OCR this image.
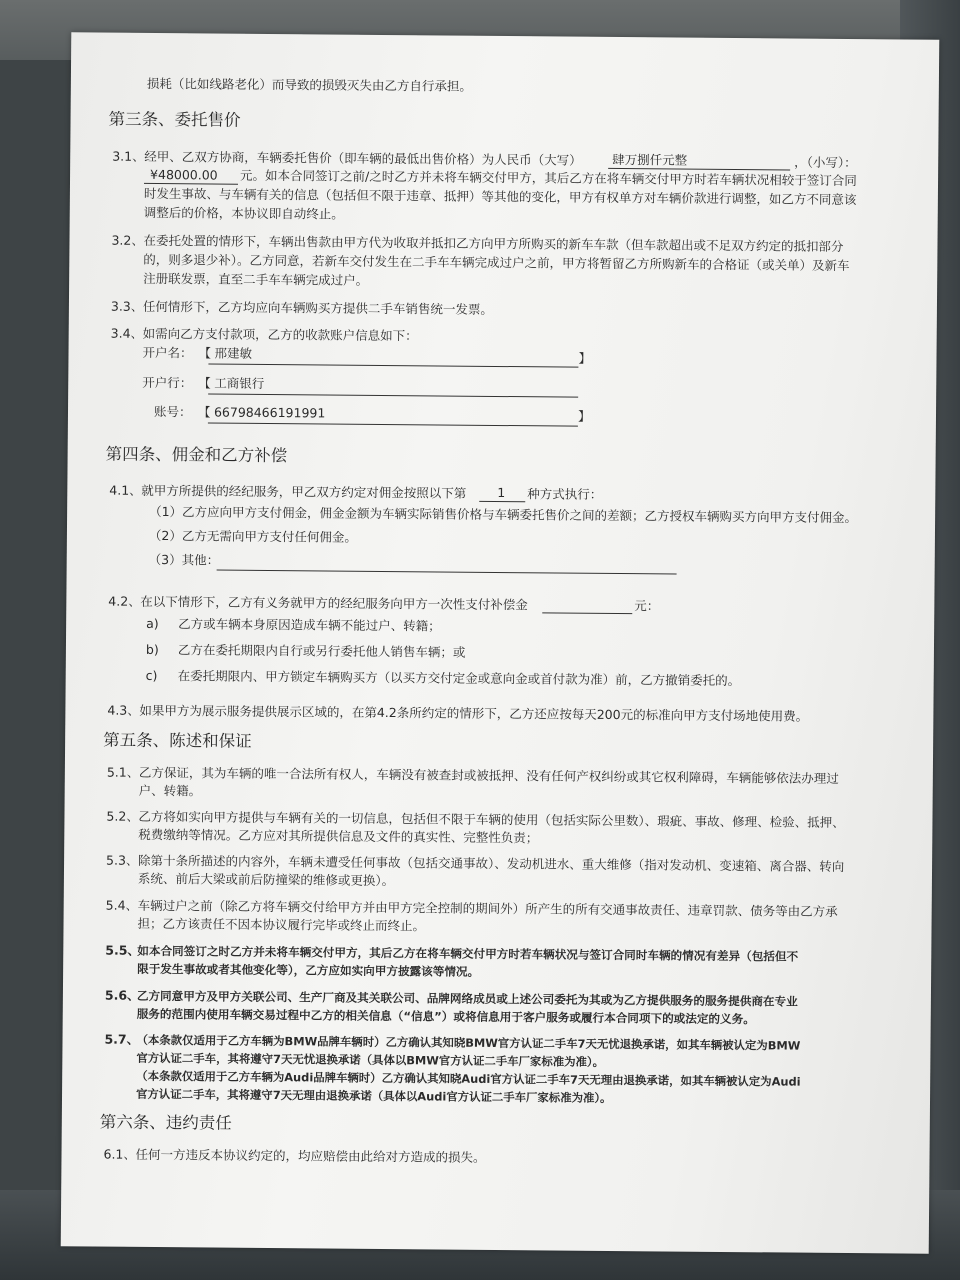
损耗（比如线路老化）而导致的损毁灭失由乙方自行承担。
第三条、委托售价
3.1、 经甲、乙双方协商，车辆委托售价（即车辆的最低出售价格）为人民币（大写） 肆万捌仟元整	，（小写）：
¥48000.00 元。如本合同签订之前/之时乙方并未将车辆交付甲方，其后乙方在将车辆交付甲方时若车辆状况相较于签订合同
时发生事故、与车辆有关的信息（包括但不限于违章、抵押）等其他的变化，甲方有权单方对车辆价款进行调整，如乙方不同意该
调整后的价格，本协议即自动终止。
3.2、 在委托处置的情形下，车辆出售款由甲方代为收取并抵扣乙方向甲方所购买的新车车款（但车款超出或不足双方约定的抵扣部分
的，则多退少补）。乙方同意，若新车交付发生在二手车车辆完成过户之前，甲方将暂留乙方所购新车的合格证（或关单）及新车
注册联发票，直至二手车车辆完成过户。
3.3、 任何情形下，乙方均应向车辆购买方提供二手车销售统一发票。
3.4、 如需向乙方支付款项，乙方的收款账户信息如下：
开户名： 【 邢建敏	】
开户行： 【 工商银行
账号： 【 66798466191991	】
第四条、佣金和乙方补偿
4.1、 就甲方所提供的经纪服务，甲乙双方约定对佣金按照以下第 1 种方式执行：
（1）乙方应向甲方支付佣金，佣金金额为车辆实际销售价格与车辆委托售价之间的差额；乙方授权车辆购买方向甲方支付佣金。
（2）乙方无需向甲方支付任何佣金。
（3）其他：
4.2、 在以下情形下，乙方有义务就甲方的经纪服务向甲方一次性支付补偿金	元：
a) 乙方或车辆本身原因造成车辆不能过户、转籍；
b) 乙方在委托期限内自行或另行委托他人销售车辆；或
c) 在委托期限内、甲方锁定车辆购买方（以买方交付定金或意向金或首付款为准）前，乙方撤销委托的。
4.3、 如果甲方为展示服务提供展示区域的，在第4.2条所约定的情形下，乙方还应按每天200元的标准向甲方支付场地使用费。
第五条、陈述和保证
5.1、 乙方保证，其为车辆的唯一合法所有权人，车辆没有被查封或被抵押、没有任何产权纠纷或其它权利障碍，车辆能够依法办理过
户、转籍。
5.2、 乙方将如实向甲方提供与车辆有关的一切信息，包括但不限于车辆的使用（包括实际公里数）、瑕疵、事故、修理、检验、抵押、
税费缴纳等情况。乙方应对其所提供信息及文件的真实性、完整性负责；
5.3、 除第十条所描述的内容外，车辆未遭受任何事故（包括交通事故）、发动机进水、重大维修（指对发动机、变速箱、离合器、转向
系统、前后大梁或前后防撞梁的维修或更换）。
5.4、 车辆过户之前（除乙方将车辆交付给甲方并由甲方完全控制的期间外）所产生的所有交通事故责任、违章罚款、债务等由乙方承
担；乙方该责任不因本协议履行完毕或终止而终止。
5.5、
如本合同签订之时乙方并未将车辆交付甲方，其后乙方在将车辆交付甲方时若车辆状况与签订合同时车辆的情况有差异（包括但不
限于发生事故或者其他变化等），乙方应如实向甲方披露该等情况。
5.6、
乙方同意甲方及甲方关联公司、生产厂商及其关联公司、品牌网络成员或上述公司委托为其或为乙方提供服务的服务提供商在专业
服务的范围内使用车辆交易过程中乙方的相关信息（“信息”）或将信息用于客户服务或履行本合同项下的或法定的义务。
5.7、
（本条款仅适用于乙方车辆为BMW品牌车辆时）乙方确认其知晓BMW官方认证二手车7天无忧退换承诺，如其车辆被认定为BMW
官方认证二手车，其将遵守7天无忧退换承诺（具体以BMW官方认证二手车厂家标准为准）。
（本条款仅适用于乙方车辆为Audi品牌车辆时）乙方确认其知晓Audi官方认证二手车7天无理由退换承诺，如其车辆被认定为Audi
官方认证二手车，其将遵守7天无理由退换承诺（具体以Audi官方认证二手车厂家标准为准）。
第六条、违约责任
6.1、 任何一方违反本协议约定的，均应赔偿由此给对方造成的损失。
